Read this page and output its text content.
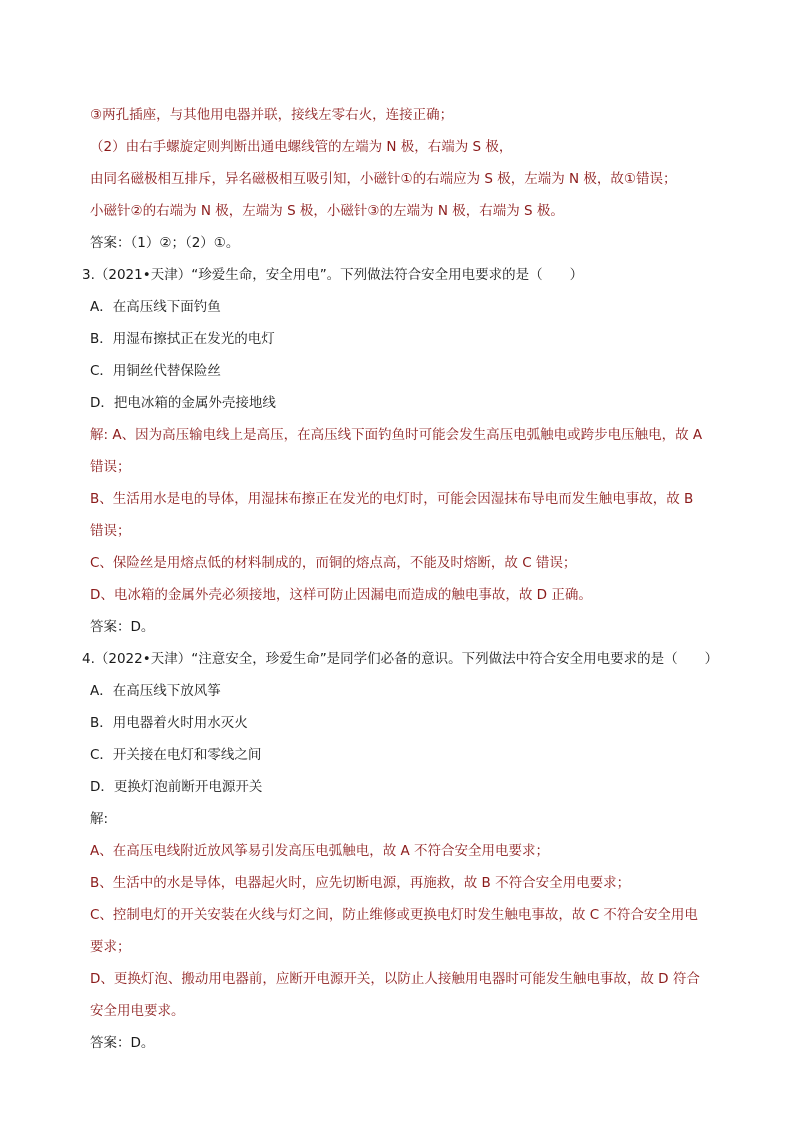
③两孔插座，与其他用电器并联，接线左零右火，连接正确；
（2）由右手螺旋定则判断出通电螺线管的左端为 N 极，右端为 S 极，
由同名磁极相互排斥，异名磁极相互吸引知，小磁针①的右端应为 S 极，左端为 N 极，故①错误；
小磁针②的右端为 N 极，左端为 S 极，小磁针③的左端为 N 极，右端为 S 极。
答案：（1）②；（2）①。
3.（2021•天津）“珍爱生命，安全用电”。下列做法符合安全用电要求的是（　　）
A．在高压线下面钓鱼
B．用湿布擦拭正在发光的电灯
C．用铜丝代替保险丝
D．把电冰箱的金属外壳接地线
解: A、因为高压输电线上是高压，在高压线下面钓鱼时可能会发生高压电弧触电或跨步电压触电，故 A
错误；
B、生活用水是电的导体，用湿抹布擦正在发光的电灯时，可能会因湿抹布导电而发生触电事故，故 B
错误；
C、保险丝是用熔点低的材料制成的，而铜的熔点高，不能及时熔断，故 C 错误；
D、电冰箱的金属外壳必须接地，这样可防止因漏电而造成的触电事故，故 D 正确。
答案：D。
4.（2022•天津）“注意安全，珍爱生命”是同学们必备的意识。下列做法中符合安全用电要求的是（　　）
A．在高压线下放风筝
B．用电器着火时用水灭火
C．开关接在电灯和零线之间
D．更换灯泡前断开电源开关
解:
A、在高压电线附近放风筝易引发高压电弧触电，故 A 不符合安全用电要求；
B、生活中的水是导体，电器起火时，应先切断电源，再施救，故 B 不符合安全用电要求；
C、控制电灯的开关安装在火线与灯之间，防止维修或更换电灯时发生触电事故，故 C 不符合安全用电
要求；
D、更换灯泡、搬动用电器前，应断开电源开关，以防止人接触用电器时可能发生触电事故，故 D 符合
安全用电要求。
答案：D。
